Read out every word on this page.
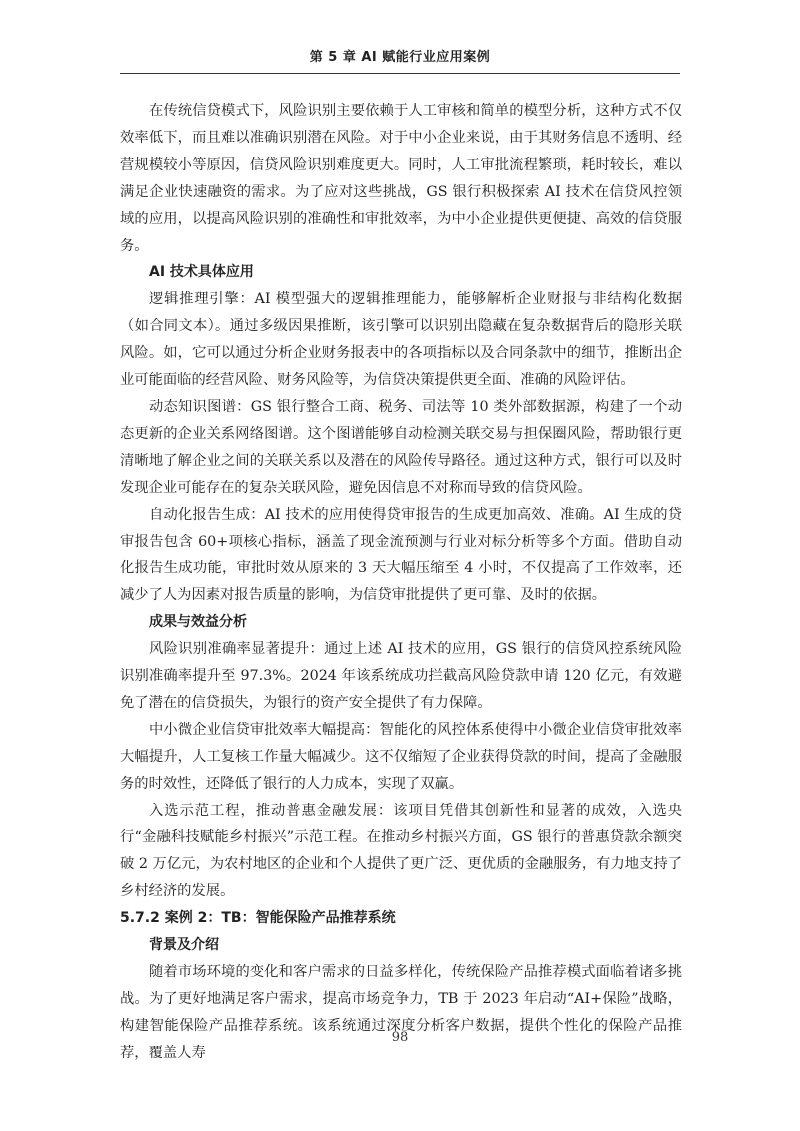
第 5 章 AI 赋能行业应用案例

在传统信贷模式下，风险识别主要依赖于人工审核和简单的模型分析，这种方式不仅效率低下，而且难以准确识别潜在风险。对于中小企业来说，由于其财务信息不透明、经营规模较小等原因，信贷风险识别难度更大。同时，人工审批流程繁琐，耗时较长，难以满足企业快速融资的需求。为了应对这些挑战，GS 银行积极探索 AI 技术在信贷风控领域的应用，以提高风险识别的准确性和审批效率，为中小企业提供更便捷、高效的信贷服务。

AI 技术具体应用

逻辑推理引擎：AI 模型强大的逻辑推理能力，能够解析企业财报与非结构化数据（如合同文本）。通过多级因果推断，该引擎可以识别出隐藏在复杂数据背后的隐形关联风险。如，它可以通过分析企业财务报表中的各项指标以及合同条款中的细节，推断出企业可能面临的经营风险、财务风险等，为信贷决策提供更全面、准确的风险评估。

动态知识图谱：GS 银行整合工商、税务、司法等 10 类外部数据源，构建了一个动态更新的企业关系网络图谱。这个图谱能够自动检测关联交易与担保圈风险，帮助银行更清晰地了解企业之间的关联关系以及潜在的风险传导路径。通过这种方式，银行可以及时发现企业可能存在的复杂关联风险，避免因信息不对称而导致的信贷风险。

自动化报告生成：AI 技术的应用使得贷审报告的生成更加高效、准确。AI 生成的贷审报告包含 60+项核心指标，涵盖了现金流预测与行业对标分析等多个方面。借助自动化报告生成功能，审批时效从原来的 3 天大幅压缩至 4 小时，不仅提高了工作效率，还减少了人为因素对报告质量的影响，为信贷审批提供了更可靠、及时的依据。

成果与效益分析

风险识别准确率显著提升：通过上述 AI 技术的应用，GS 银行的信贷风控系统风险识别准确率提升至 97.3%。2024 年该系统成功拦截高风险贷款申请 120 亿元，有效避免了潜在的信贷损失，为银行的资产安全提供了有力保障。

中小微企业信贷审批效率大幅提高：智能化的风控体系使得中小微企业信贷审批效率大幅提升，人工复核工作量大幅减少。这不仅缩短了企业获得贷款的时间，提高了金融服务的时效性，还降低了银行的人力成本，实现了双赢。

入选示范工程，推动普惠金融发展：该项目凭借其创新性和显著的成效，入选央行“金融科技赋能乡村振兴”示范工程。在推动乡村振兴方面，GS 银行的普惠贷款余额突破 2 万亿元，为农村地区的企业和个人提供了更广泛、更优质的金融服务，有力地支持了乡村经济的发展。

5.7.2 案例 2：TB：智能保险产品推荐系统

背景及介绍

随着市场环境的变化和客户需求的日益多样化，传统保险产品推荐模式面临着诸多挑战。为了更好地满足客户需求，提高市场竞争力，TB 于 2023 年启动“AI+保险”战略，构建智能保险产品推荐系统。该系统通过深度分析客户数据，提供个性化的保险产品推荐，覆盖人寿

98
